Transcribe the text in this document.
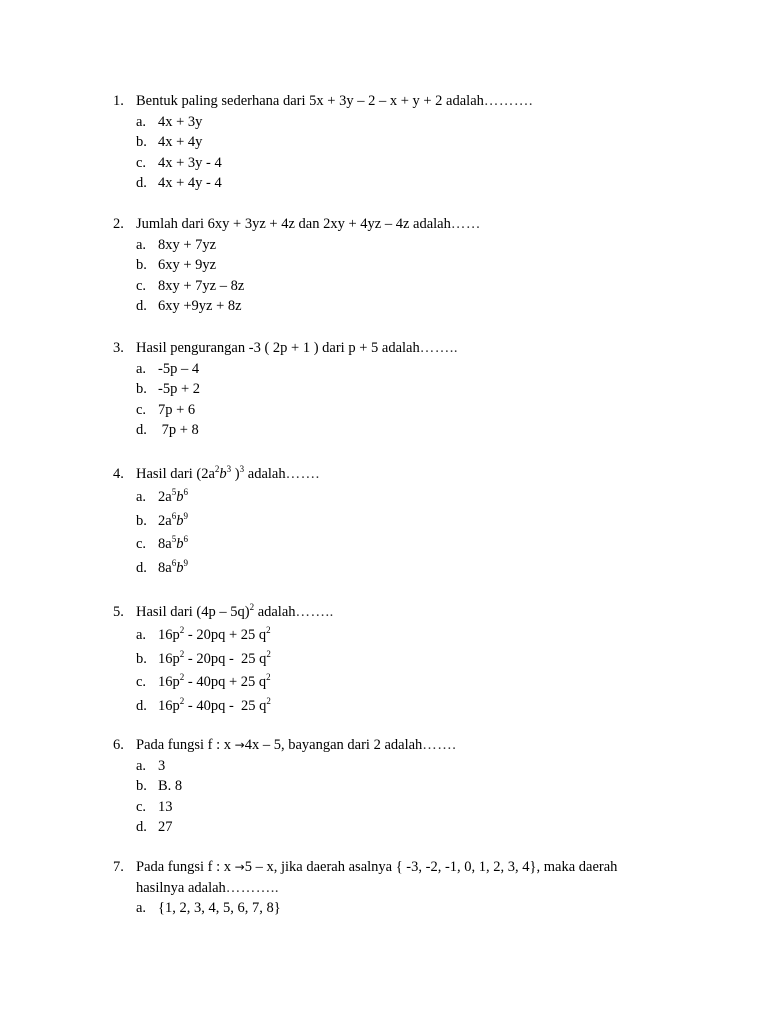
1. Bentuk paling sederhana dari 5x + 3y – 2 – x + y + 2 adalah……….
a. 4x + 3y
b. 4x + 4y
c. 4x + 3y - 4
d. 4x + 4y - 4
2. Jumlah dari 6xy + 3yz + 4z dan 2xy + 4yz – 4z adalah……
a. 8xy + 7yz
b. 6xy + 9yz
c. 8xy + 7yz – 8z
d. 6xy +9yz + 8z
3. Hasil pengurangan -3 ( 2p + 1 ) dari p + 5 adalah……..
a. -5p – 4
b. -5p + 2
c. 7p + 6
d. 7p + 8
4. Hasil dari ($2a^2b^3$ )$^3$ adalah…….
a. $2a^5b^6$
b. $2a^6b^9$
c. $8a^5b^6$
d. $8a^6b^9$
5. Hasil dari (4p – 5q)$^2$ adalah……..
a. $16p^2 - 20pq + 25$ $q^2$
b. $16p^2 - 20pq - 25$ $q^2$
c. $16p^2 - 40pq + 25$ $q^2$
d. $16p^2 - 40pq - 25$ $q^2$
6. Pada fungsi f : x →4x – 5, bayangan dari 2 adalah…….
a. 3
b. B. 8
c. 13
d. 27
7. Pada fungsi f : x →5 – x, jika daerah asalnya { -3, -2, -1, 0, 1, 2, 3, 4}, maka daerah
hasilnya adalah………..
a. {1, 2, 3, 4, 5, 6, 7, 8}
